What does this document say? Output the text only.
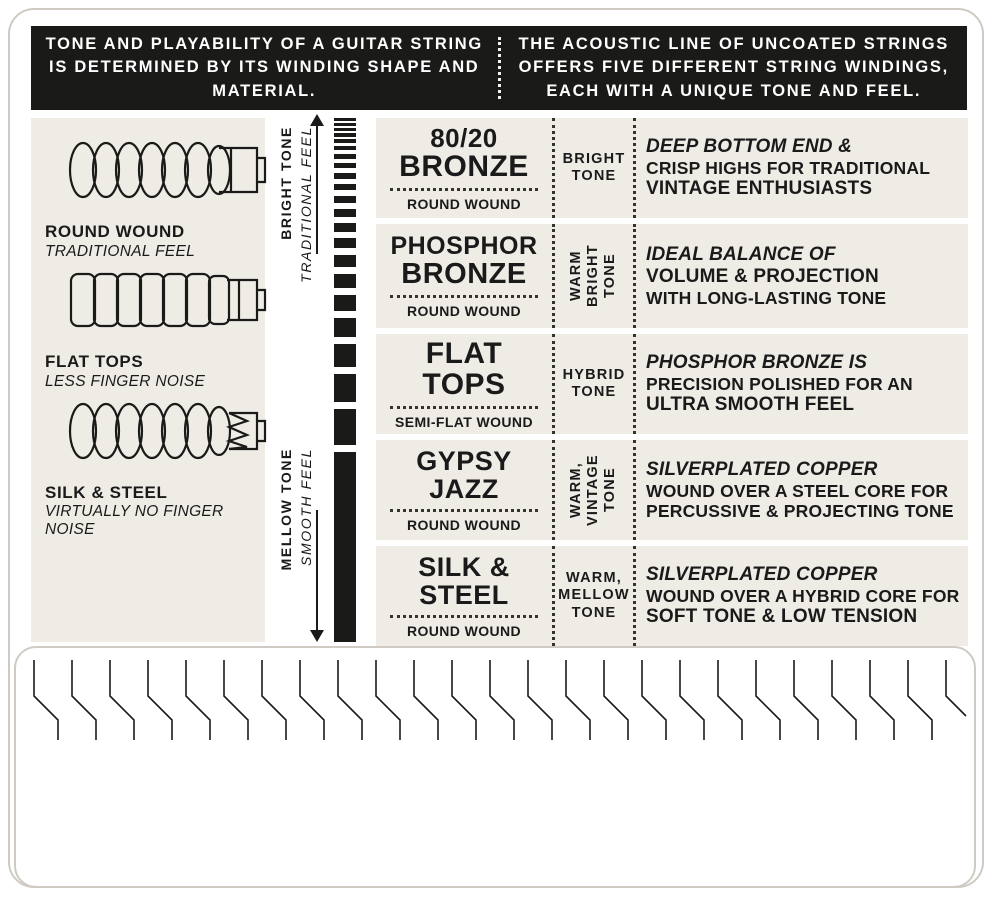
TONE AND PLAYABILITY OF A GUITAR STRING IS DETERMINED BY ITS WINDING SHAPE AND MATERIAL.
THE ACOUSTIC LINE OF UNCOATED STRINGS OFFERS FIVE DIFFERENT STRING WINDINGS, EACH WITH A UNIQUE TONE AND FEEL.
ROUND WOUND
TRADITIONAL FEEL
FLAT TOPS
LESS FINGER NOISE
SILK & STEEL
VIRTUALLY NO FINGER NOISE
BRIGHT TONE TRADITIONAL FEEL
MELLOW TONE SMOOTH FEEL
80/20
BRONZE
ROUND WOUND
BRIGHT TONE
DEEP BOTTOM END &
CRISP HIGHS FOR TRADITIONAL
VINTAGE ENTHUSIASTS
PHOSPHOR
BRONZE
ROUND WOUND
WARM BRIGHT TONE IDEAL BALANCE OF
VOLUME & PROJECTION
WITH LONG-LASTING TONE
FLAT
TOPS
SEMI-FLAT WOUND
HYBRID TONE
PHOSPHOR BRONZE IS
PRECISION POLISHED FOR AN
ULTRA SMOOTH FEEL
GYPSY
JAZZ
ROUND WOUND
WARM, VINTAGE TONE SILVERPLATED COPPER
WOUND OVER A STEEL CORE FOR
PERCUSSIVE & PROJECTING TONE
SILK &
STEEL
ROUND WOUND
WARM, MELLOW TONE
SILVERPLATED COPPER
WOUND OVER A HYBRID CORE FOR
SOFT TONE & LOW TENSION
